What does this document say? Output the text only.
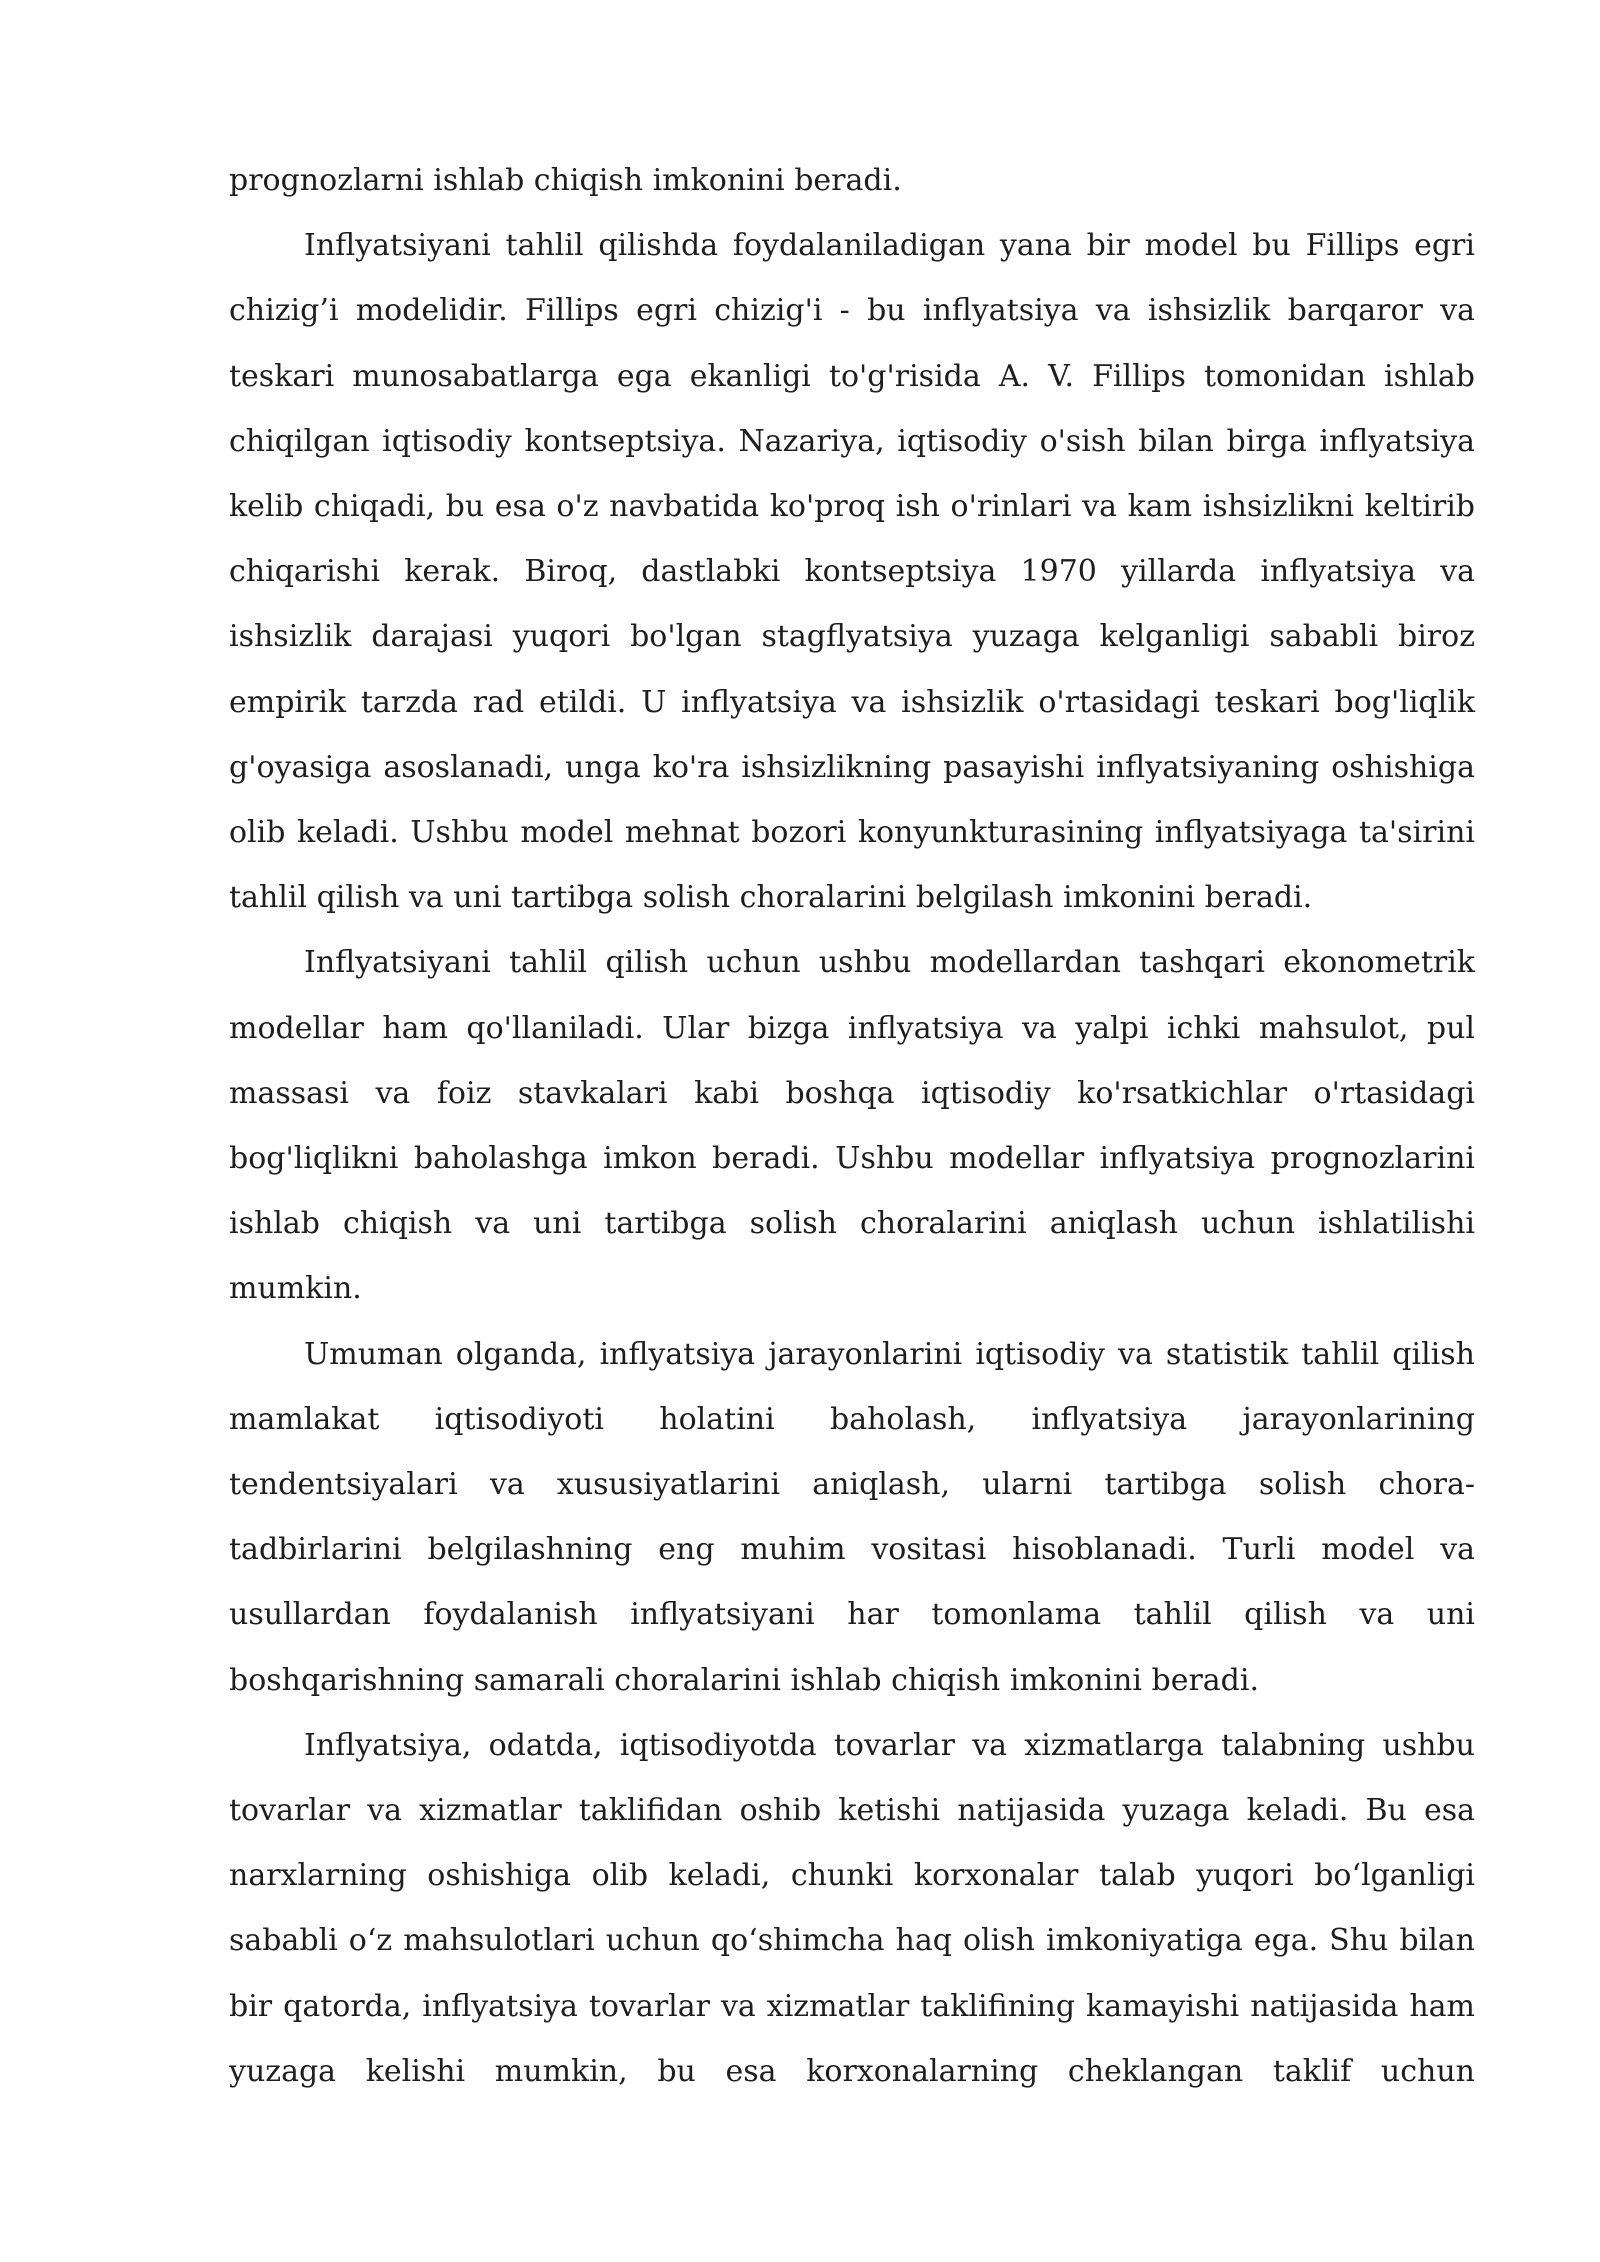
prognozlarni ishlab chiqish imkonini beradi.

Inflyatsiyani tahlil qilishda foydalaniladigan yana bir model bu Fillips egri chizig’i modelidir. Fillips egri chizig'i - bu inflyatsiya va ishsizlik barqaror va teskari munosabatlarga ega ekanligi to'g'risida A. V. Fillips tomonidan ishlab chiqilgan iqtisodiy kontseptsiya. Nazariya, iqtisodiy o'sish bilan birga inflyatsiya kelib chiqadi, bu esa o'z navbatida ko'proq ish o'rinlari va kam ishsizlikni keltirib chiqarishi kerak. Biroq, dastlabki kontseptsiya 1970 yillarda inflyatsiya va ishsizlik darajasi yuqori bo'lgan stagflyatsiya yuzaga kelganligi sababli biroz empirik tarzda rad etildi. U inflyatsiya va ishsizlik o'rtasidagi teskari bog'liqlik g'oyasiga asoslanadi, unga ko'ra ishsizlikning pasayishi inflyatsiyaning oshishiga olib keladi. Ushbu model mehnat bozori konyunkturasining inflyatsiyaga ta'sirini tahlil qilish va uni tartibga solish choralarini belgilash imkonini beradi.

Inflyatsiyani tahlil qilish uchun ushbu modellardan tashqari ekonometrik modellar ham qo'llaniladi. Ular bizga inflyatsiya va yalpi ichki mahsulot, pul massasi va foiz stavkalari kabi boshqa iqtisodiy ko'rsatkichlar o'rtasidagi bog'liqlikni baholashga imkon beradi. Ushbu modellar inflyatsiya prognozlarini ishlab chiqish va uni tartibga solish choralarini aniqlash uchun ishlatilishi mumkin.

Umuman olganda, inflyatsiya jarayonlarini iqtisodiy va statistik tahlil qilish mamlakat iqtisodiyoti holatini baholash, inflyatsiya jarayonlarining tendentsiyalari va xususiyatlarini aniqlash, ularni tartibga solish chora-tadbirlarini belgilashning eng muhim vositasi hisoblanadi. Turli model va usullardan foydalanish inflyatsiyani har tomonlama tahlil qilish va uni boshqarishning samarali choralarini ishlab chiqish imkonini beradi.

Inflyatsiya, odatda, iqtisodiyotda tovarlar va xizmatlarga talabning ushbu tovarlar va xizmatlar taklifidan oshib ketishi natijasida yuzaga keladi. Bu esa narxlarning oshishiga olib keladi, chunki korxonalar talab yuqori bo‘lganligi sababli o‘z mahsulotlari uchun qo‘shimcha haq olish imkoniyatiga ega. Shu bilan bir qatorda, inflyatsiya tovarlar va xizmatlar taklifining kamayishi natijasida ham yuzaga kelishi mumkin, bu esa korxonalarning cheklangan taklif uchun
